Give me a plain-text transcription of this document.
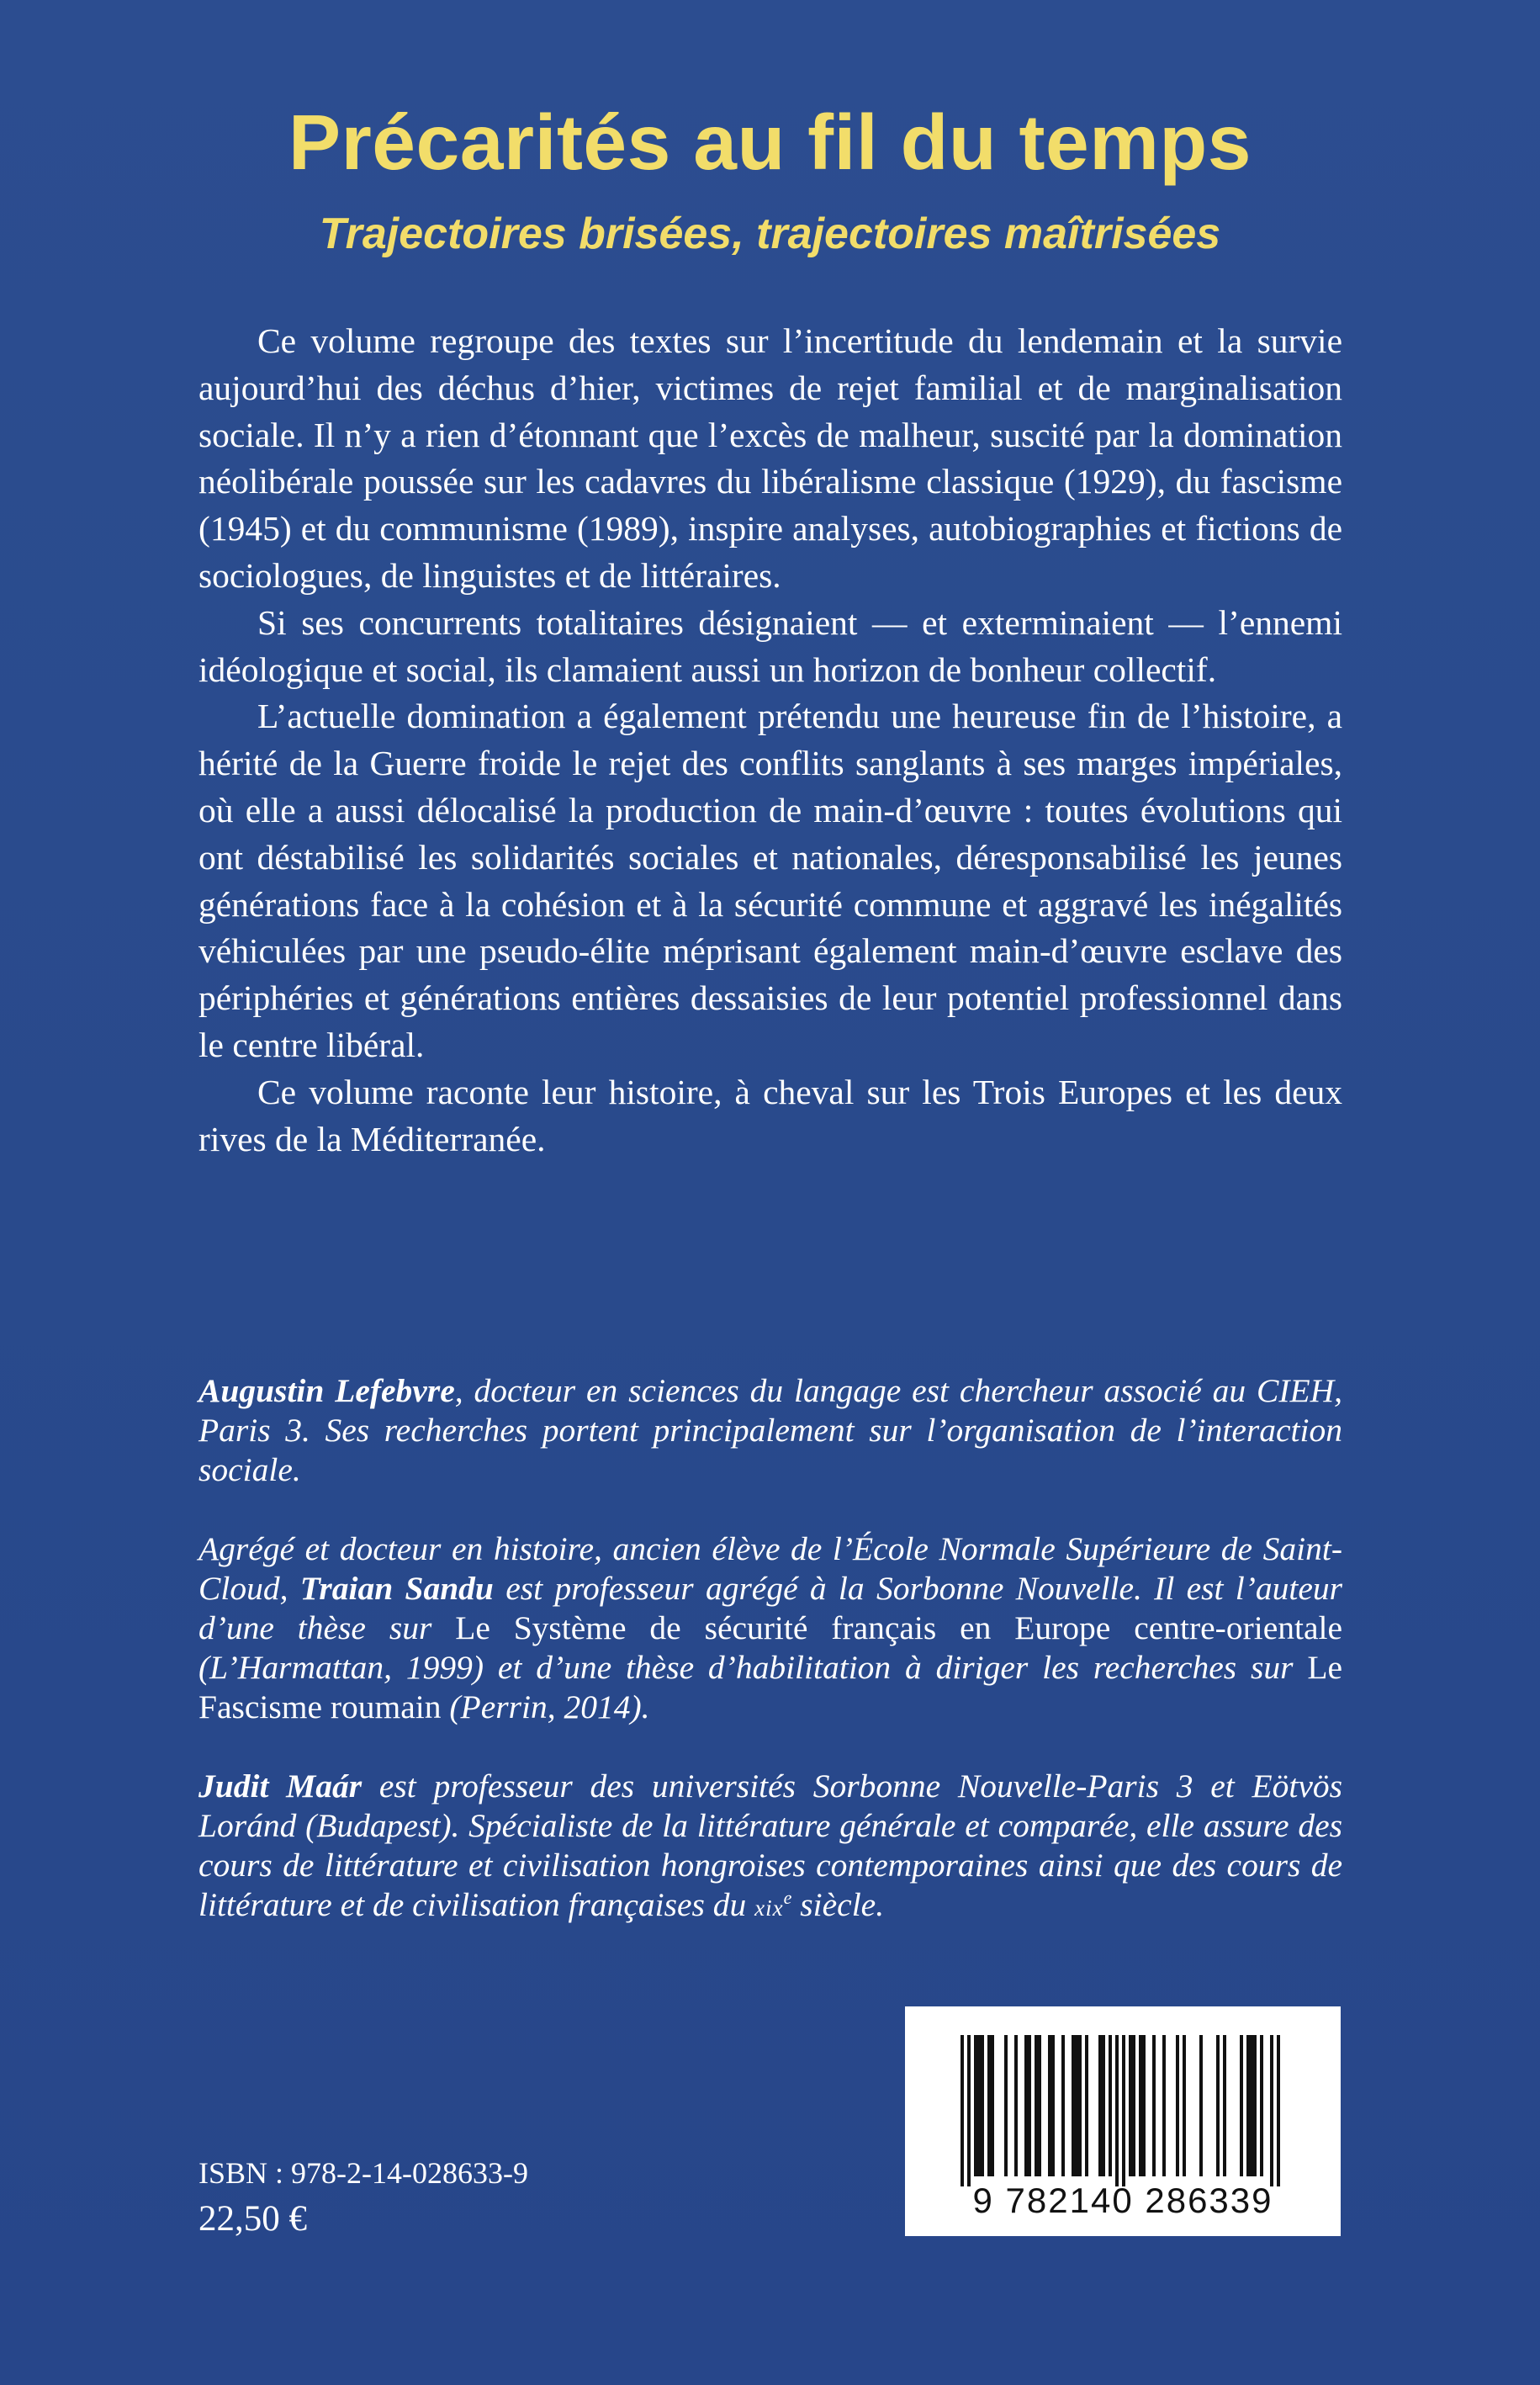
Précarités au fil du temps
Trajectoires brisées, trajectoires maîtrisées

Ce volume regroupe des textes sur l’incertitude du lendemain et la survie aujourd’hui des déchus d’hier, victimes de rejet familial et de marginalisation sociale. Il n’y a rien d’étonnant que l’excès de malheur, suscité par la domination néolibérale poussée sur les cadavres du libéralisme classique (1929), du fascisme (1945) et du communisme (1989), inspire analyses, autobiographies et fictions de sociologues, de linguistes et de littéraires.

Si ses concurrents totalitaires désignaient — et exterminaient — l’ennemi idéologique et social, ils clamaient aussi un horizon de bonheur collectif.

L’actuelle domination a également prétendu une heureuse fin de l’histoire, a hérité de la Guerre froide le rejet des conflits sanglants à ses marges impériales, où elle a aussi délocalisé la production de main-d’œuvre : toutes évolutions qui ont déstabilisé les solidarités sociales et nationales, déresponsabilisé les jeunes générations face à la cohésion et à la sécurité commune et aggravé les inégalités véhiculées par une pseudo-élite méprisant également main-d’œuvre esclave des périphéries et générations entières dessaisies de leur potentiel professionnel dans le centre libéral.

Ce volume raconte leur histoire, à cheval sur les Trois Europes et les deux rives de la Méditerranée.

Augustin Lefebvre, docteur en sciences du langage est chercheur associé au CIEH, Paris 3. Ses recherches portent principalement sur l’organisation de l’interaction sociale.

Agrégé et docteur en histoire, ancien élève de l’École Normale Supérieure de Saint-Cloud, Traian Sandu est professeur agrégé à la Sorbonne Nouvelle. Il est l’auteur d’une thèse sur Le Système de sécurité français en Europe centre-orientale (L’Harmattan, 1999) et d’une thèse d’habilitation à diriger les recherches sur Le Fascisme roumain (Perrin, 2014).

Judit Maár est professeur des universités Sorbonne Nouvelle-Paris 3 et Eötvös Loránd (Budapest). Spécialiste de la littérature générale et comparée, elle assure des cours de littérature et civilisation hongroises contemporaines ainsi que des cours de littérature et de civilisation françaises du xix$^e$ siècle.

ISBN : 978-2-14-028633-9

22,50 €	9 782140 286339
